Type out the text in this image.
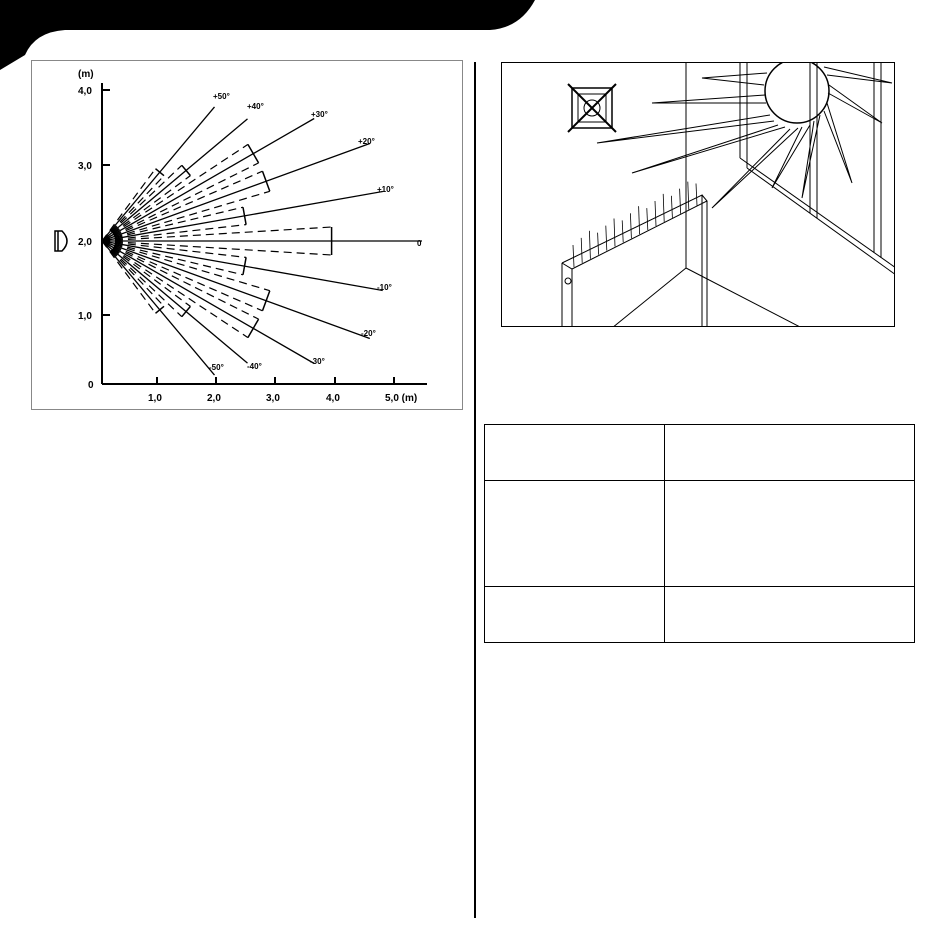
(m)
4,0
3,0
2,0
1,0
0
1,0	2,0	3,0	4,0	5,0 (m)
+50°
+40°
+30°
+20°
+10°
0
-10°
-20°
-30°
-40°
-50°
